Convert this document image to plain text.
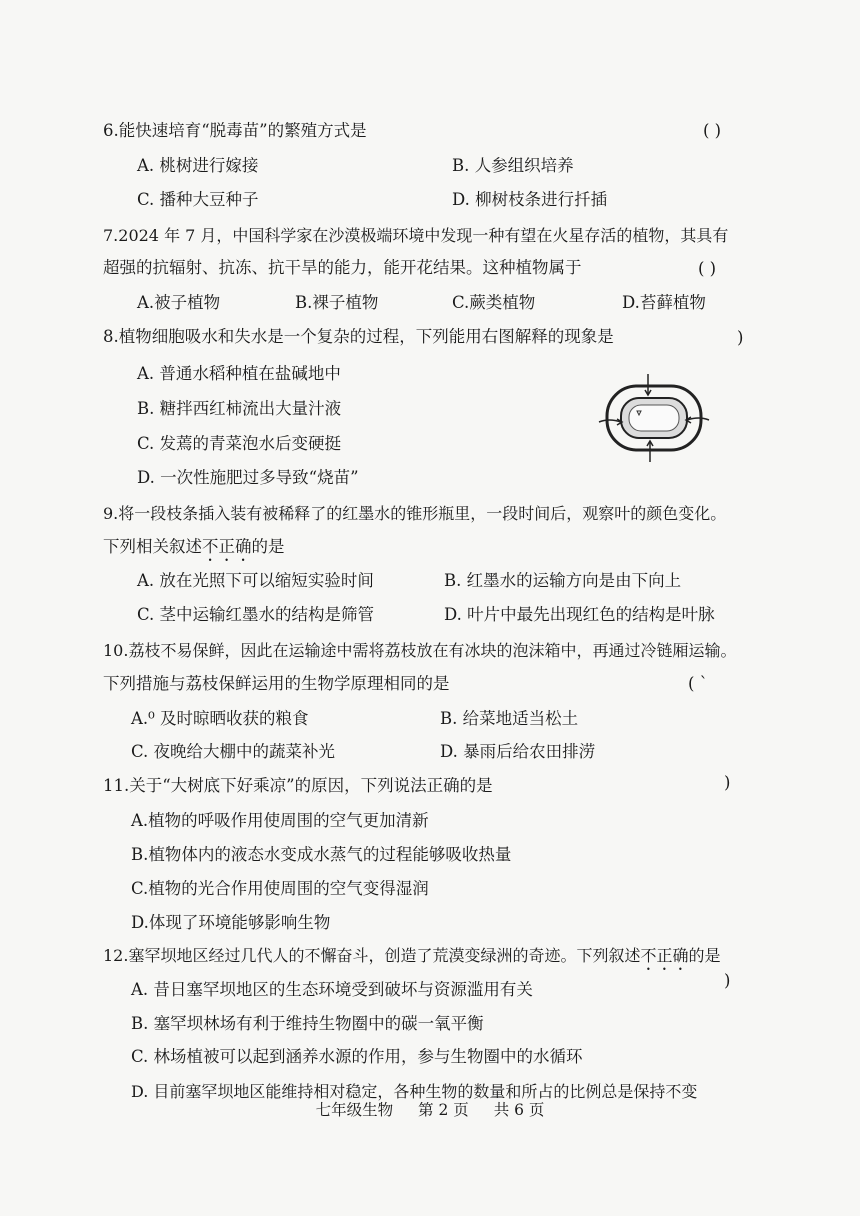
6.能快速培育“脱毒苗”的繁殖方式是	( )
A. 桃树进行嫁接	B. 人参组织培养
C. 播种大豆种子	D. 柳树枝条进行扦插
7.2024 年 7 月，中国科学家在沙漠极端环境中发现一种有望在火星存活的植物，其具有
超强的抗辐射、抗冻、抗干旱的能力，能开花结果。这种植物属于	( )
A.被子植物	B.裸子植物	C.蕨类植物	D.苔藓植物
8.植物细胞吸水和失水是一个复杂的过程，下列能用右图解释的现象是	)
A. 普通水稻种植在盐碱地中
B. 糖拌西红柿流出大量汁液
C. 发蔫的青菜泡水后变硬挺
D. 一次性施肥过多导致“烧苗”
9.将一段枝条插入装有被稀释了的红墨水的锥形瓶里，一段时间后，观察叶的颜色变化。
下列相关叙述不正确的是
A. 放在光照下可以缩短实验时间	B. 红墨水的运输方向是由下向上
C. 茎中运输红墨水的结构是筛管	D. 叶片中最先出现红色的结构是叶脉
10.荔枝不易保鲜，因此在运输途中需将荔枝放在有冰块的泡沫箱中，再通过冷链厢运输。
下列措施与荔枝保鲜运用的生物学原理相同的是	( `
A.⁰ 及时晾晒收获的粮食	B. 给菜地适当松土
C. 夜晚给大棚中的蔬菜补光	D. 暴雨后给农田排涝
11.关于“大树底下好乘凉”的原因，下列说法正确的是	)
A.植物的呼吸作用使周围的空气更加清新
B.植物体内的液态水变成水蒸气的过程能够吸收热量
C.植物的光合作用使周围的空气变得湿润
D.体现了环境能够影响生物
12.塞罕坝地区经过几代人的不懈奋斗，创造了荒漠变绿洲的奇迹。下列叙述不正确的是
)
A. 昔日塞罕坝地区的生态环境受到破坏与资源滥用有关
B. 塞罕坝林场有利于维持生物圈中的碳一氧平衡
C. 林场植被可以起到涵养水源的作用，参与生物圈中的水循环
D. 目前塞罕坝地区能维持相对稳定，各种生物的数量和所占的比例总是保持不变
七年级生物 第 2 页 共 6 页
